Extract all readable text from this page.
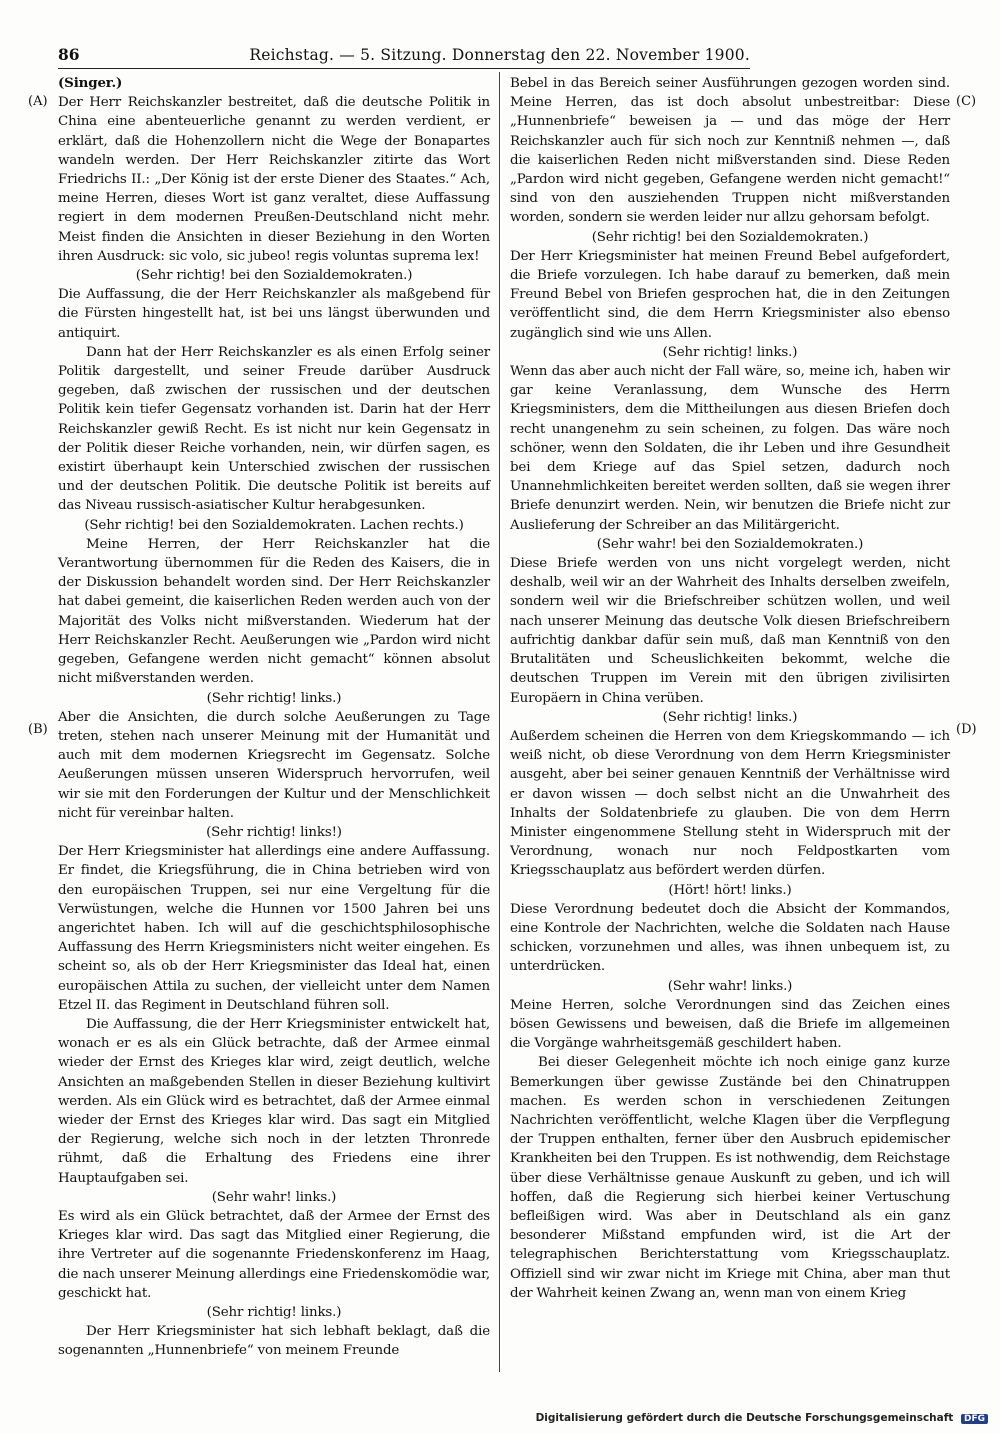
86	Reichstag. — 5. Sitzung. Donnerstag den 22. November 1900.
(A)
(B)
(C)
(D)

(Singer.)

Der Herr Reichskanzler bestreitet, daß die deutsche Politik in China eine abenteuerliche genannt zu werden verdient, er erklärt, daß die Hohenzollern nicht die Wege der Bonapartes wandeln werden. Der Herr Reichskanzler zitirte das Wort Friedrichs II.: „Der König ist der erste Diener des Staates.“ Ach, meine Herren, dieses Wort ist ganz veraltet, diese Auffassung regiert in dem modernen Preußen-Deutschland nicht mehr. Meist finden die Ansichten in dieser Beziehung in den Worten ihren Ausdruck: sic volo, sic jubeo! regis voluntas suprema lex!

(Sehr richtig! bei den Sozialdemokraten.)

Die Auffassung, die der Herr Reichskanzler als maßgebend für die Fürsten hingestellt hat, ist bei uns längst überwunden und antiquirt.

Dann hat der Herr Reichskanzler es als einen Erfolg seiner Politik dargestellt, und seiner Freude darüber Ausdruck gegeben, daß zwischen der russischen und der deutschen Politik kein tiefer Gegensatz vorhanden ist. Darin hat der Herr Reichskanzler gewiß Recht. Es ist nicht nur kein Gegensatz in der Politik dieser Reiche vorhanden, nein, wir dürfen sagen, es existirt überhaupt kein Unterschied zwischen der russischen und der deutschen Politik. Die deutsche Politik ist bereits auf das Niveau russisch-asiatischer Kultur herabgesunken.

(Sehr richtig! bei den Sozialdemokraten. Lachen rechts.)

Meine Herren, der Herr Reichskanzler hat die Verantwortung übernommen für die Reden des Kaisers, die in der Diskussion behandelt worden sind. Der Herr Reichskanzler hat dabei gemeint, die kaiserlichen Reden werden auch von der Majorität des Volks nicht mißverstanden. Wiederum hat der Herr Reichskanzler Recht. Aeußerungen wie „Pardon wird nicht gegeben, Gefangene werden nicht gemacht“ können absolut nicht mißverstanden werden.

(Sehr richtig! links.)

Aber die Ansichten, die durch solche Aeußerungen zu Tage treten, stehen nach unserer Meinung mit der Humanität und auch mit dem modernen Kriegsrecht im Gegensatz. Solche Aeußerungen müssen unseren Widerspruch hervorrufen, weil wir sie mit den Forderungen der Kultur und der Menschlichkeit nicht für vereinbar halten.

(Sehr richtig! links!)

Der Herr Kriegsminister hat allerdings eine andere Auffassung. Er findet, die Kriegsführung, die in China betrieben wird von den europäischen Truppen, sei nur eine Vergeltung für die Verwüstungen, welche die Hunnen vor 1500 Jahren bei uns angerichtet haben. Ich will auf die geschichtsphilosophische Auffassung des Herrn Kriegsministers nicht weiter eingehen. Es scheint so, als ob der Herr Kriegsminister das Ideal hat, einen europäischen Attila zu suchen, der vielleicht unter dem Namen Etzel II. das Regiment in Deutschland führen soll.

Die Auffassung, die der Herr Kriegsminister entwickelt hat, wonach er es als ein Glück betrachte, daß der Armee einmal wieder der Ernst des Krieges klar wird, zeigt deutlich, welche Ansichten an maßgebenden Stellen in dieser Beziehung kultivirt werden. Als ein Glück wird es betrachtet, daß der Armee einmal wieder der Ernst des Krieges klar wird. Das sagt ein Mitglied der Regierung, welche sich noch in der letzten Thronrede rühmt, daß die Erhaltung des Friedens eine ihrer Hauptaufgaben sei.

(Sehr wahr! links.)

Es wird als ein Glück betrachtet, daß der Armee der Ernst des Krieges klar wird. Das sagt das Mitglied einer Regierung, die ihre Vertreter auf die sogenannte Friedenskonferenz im Haag, die nach unserer Meinung allerdings eine Friedenskomödie war, geschickt hat.

(Sehr richtig! links.)

Der Herr Kriegsminister hat sich lebhaft beklagt, daß die sogenannten „Hunnenbriefe“ von meinem Freunde

Bebel in das Bereich seiner Ausführungen gezogen worden sind. Meine Herren, das ist doch absolut unbestreitbar: Diese „Hunnenbriefe“ beweisen ja — und das möge der Herr Reichskanzler auch für sich noch zur Kenntniß nehmen —, daß die kaiserlichen Reden nicht mißverstanden sind. Diese Reden „Pardon wird nicht gegeben, Gefangene werden nicht gemacht!“ sind von den ausziehenden Truppen nicht mißverstanden worden, sondern sie werden leider nur allzu gehorsam befolgt.

(Sehr richtig! bei den Sozialdemokraten.)

Der Herr Kriegsminister hat meinen Freund Bebel aufgefordert, die Briefe vorzulegen. Ich habe darauf zu bemerken, daß mein Freund Bebel von Briefen gesprochen hat, die in den Zeitungen veröffentlicht sind, die dem Herrn Kriegsminister also ebenso zugänglich sind wie uns Allen.

(Sehr richtig! links.)

Wenn das aber auch nicht der Fall wäre, so, meine ich, haben wir gar keine Veranlassung, dem Wunsche des Herrn Kriegsministers, dem die Mittheilungen aus diesen Briefen doch recht unangenehm zu sein scheinen, zu folgen. Das wäre noch schöner, wenn den Soldaten, die ihr Leben und ihre Gesundheit bei dem Kriege auf das Spiel setzen, dadurch noch Unannehmlichkeiten bereitet werden sollten, daß sie wegen ihrer Briefe denunzirt werden. Nein, wir benutzen die Briefe nicht zur Auslieferung der Schreiber an das Militärgericht.

(Sehr wahr! bei den Sozialdemokraten.)

Diese Briefe werden von uns nicht vorgelegt werden, nicht deshalb, weil wir an der Wahrheit des Inhalts derselben zweifeln, sondern weil wir die Briefschreiber schützen wollen, und weil nach unserer Meinung das deutsche Volk diesen Briefschreibern aufrichtig dankbar dafür sein muß, daß man Kenntniß von den Brutalitäten und Scheuslichkeiten bekommt, welche die deutschen Truppen im Verein mit den übrigen zivilisirten Europäern in China verüben.

(Sehr richtig! links.)

Außerdem scheinen die Herren von dem Kriegskommando — ich weiß nicht, ob diese Verordnung von dem Herrn Kriegsminister ausgeht, aber bei seiner genauen Kenntniß der Verhältnisse wird er davon wissen — doch selbst nicht an die Unwahrheit des Inhalts der Soldatenbriefe zu glauben. Die von dem Herrn Minister eingenommene Stellung steht in Widerspruch mit der Verordnung, wonach nur noch Feldpostkarten vom Kriegsschauplatz aus befördert werden dürfen.

(Hört! hört! links.)

Diese Verordnung bedeutet doch die Absicht der Kommandos, eine Kontrole der Nachrichten, welche die Soldaten nach Hause schicken, vorzunehmen und alles, was ihnen unbequem ist, zu unterdrücken.

(Sehr wahr! links.)

Meine Herren, solche Verordnungen sind das Zeichen eines bösen Gewissens und beweisen, daß die Briefe im allgemeinen die Vorgänge wahrheitsgemäß geschildert haben.

Bei dieser Gelegenheit möchte ich noch einige ganz kurze Bemerkungen über gewisse Zustände bei den Chinatruppen machen. Es werden schon in verschiedenen Zeitungen Nachrichten veröffentlicht, welche Klagen über die Verpflegung der Truppen enthalten, ferner über den Ausbruch epidemischer Krankheiten bei den Truppen. Es ist nothwendig, dem Reichstage über diese Verhältnisse genaue Auskunft zu geben, und ich will hoffen, daß die Regierung sich hierbei keiner Vertuschung befleißigen wird. Was aber in Deutschland als ein ganz besonderer Mißstand empfunden wird, ist die Art der telegraphischen Berichterstattung vom Kriegsschauplatz. Offiziell sind wir zwar nicht im Kriege mit China, aber man thut der Wahrheit keinen Zwang an, wenn man von einem Krieg

Digitalisierung gefördert durch die Deutsche Forschungsgemeinschaft DFG
